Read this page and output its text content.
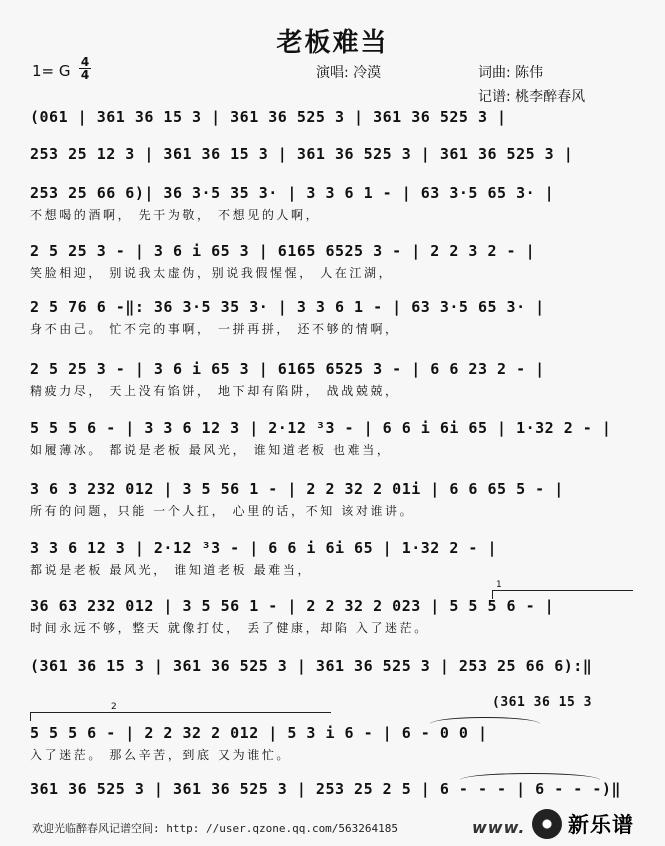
老板难当
1= G 4
4	演唱: 冷漠	词曲: 陈伟
记谱: 桃李醉春风
(061 | 361 36 15 3 | 361 36 525 3 | 361 36 525 3 |
253 25 12 3 | 361 36 15 3 | 361 36 525 3 | 361 36 525 3 |
253 25 66 6)| 36 3·5 35 3· | 3 3 6 1 - | 63 3·5 65 3· |
不想喝的酒啊， 先干为敬， 不想见的人啊，
2 5 25 3 - | 3 6 i 65 3 | 6165 6525 3 - | 2 2 3 2 - |
笑脸相迎， 别说我太虚伪，别说我假惺惺， 人在江湖，
2 5 76 6 -‖: 36 3·5 35 3· | 3 3 6 1 - | 63 3·5 65 3· |
身不由己。 忙不完的事啊， 一拼再拼， 还不够的情啊，
2 5 25 3 - | 3 6 i 65 3 | 6165 6525 3 - | 6 6 23 2 - |
精疲力尽， 天上没有馅饼， 地下却有陷阱， 战战兢兢，
5 5 5 6 - | 3 3 6 12 3 | 2·12 ³3 - | 6 6 i 6i 65 | 1·32 2 - |
如履薄冰。 都说是老板 最风光， 谁知道老板 也难当，
3 6 3 232 012 | 3 5 56 1 - | 2 2 32 2 01i | 6 6 65 5 - |
所有的问题，只能 一个人扛， 心里的话，不知 该对谁讲。
3 3 6 12 3 | 2·12 ³3 - | 6 6 i 6i 65 | 1·32 2 - |
都说是老板 最风光， 谁知道老板 最难当，
36 63 232 012 | 3 5 56 1 - | 2 2 32 2 023 | 5 5 5 6 - |
时间永远不够，整天 就像打仗， 丢了健康，却陷 入了迷茫。
(361 36 15 3 | 361 36 525 3 | 361 36 525 3 | 253 25 66 6):‖
(361 36 15 3
5 5 5 6 - | 2 2 32 2 012 | 5 3 i 6 - | 6 - 0 0 |
入了迷茫。 那么辛苦，到底 又为谁忙。
361 36 525 3 | 361 36 525 3 | 253 25 2 5 | 6 - - - | 6 - - -)‖
1
2
欢迎光临醉春风记谱空间: http: //user.qzone.qq.com/563264185	www. 新乐谱
